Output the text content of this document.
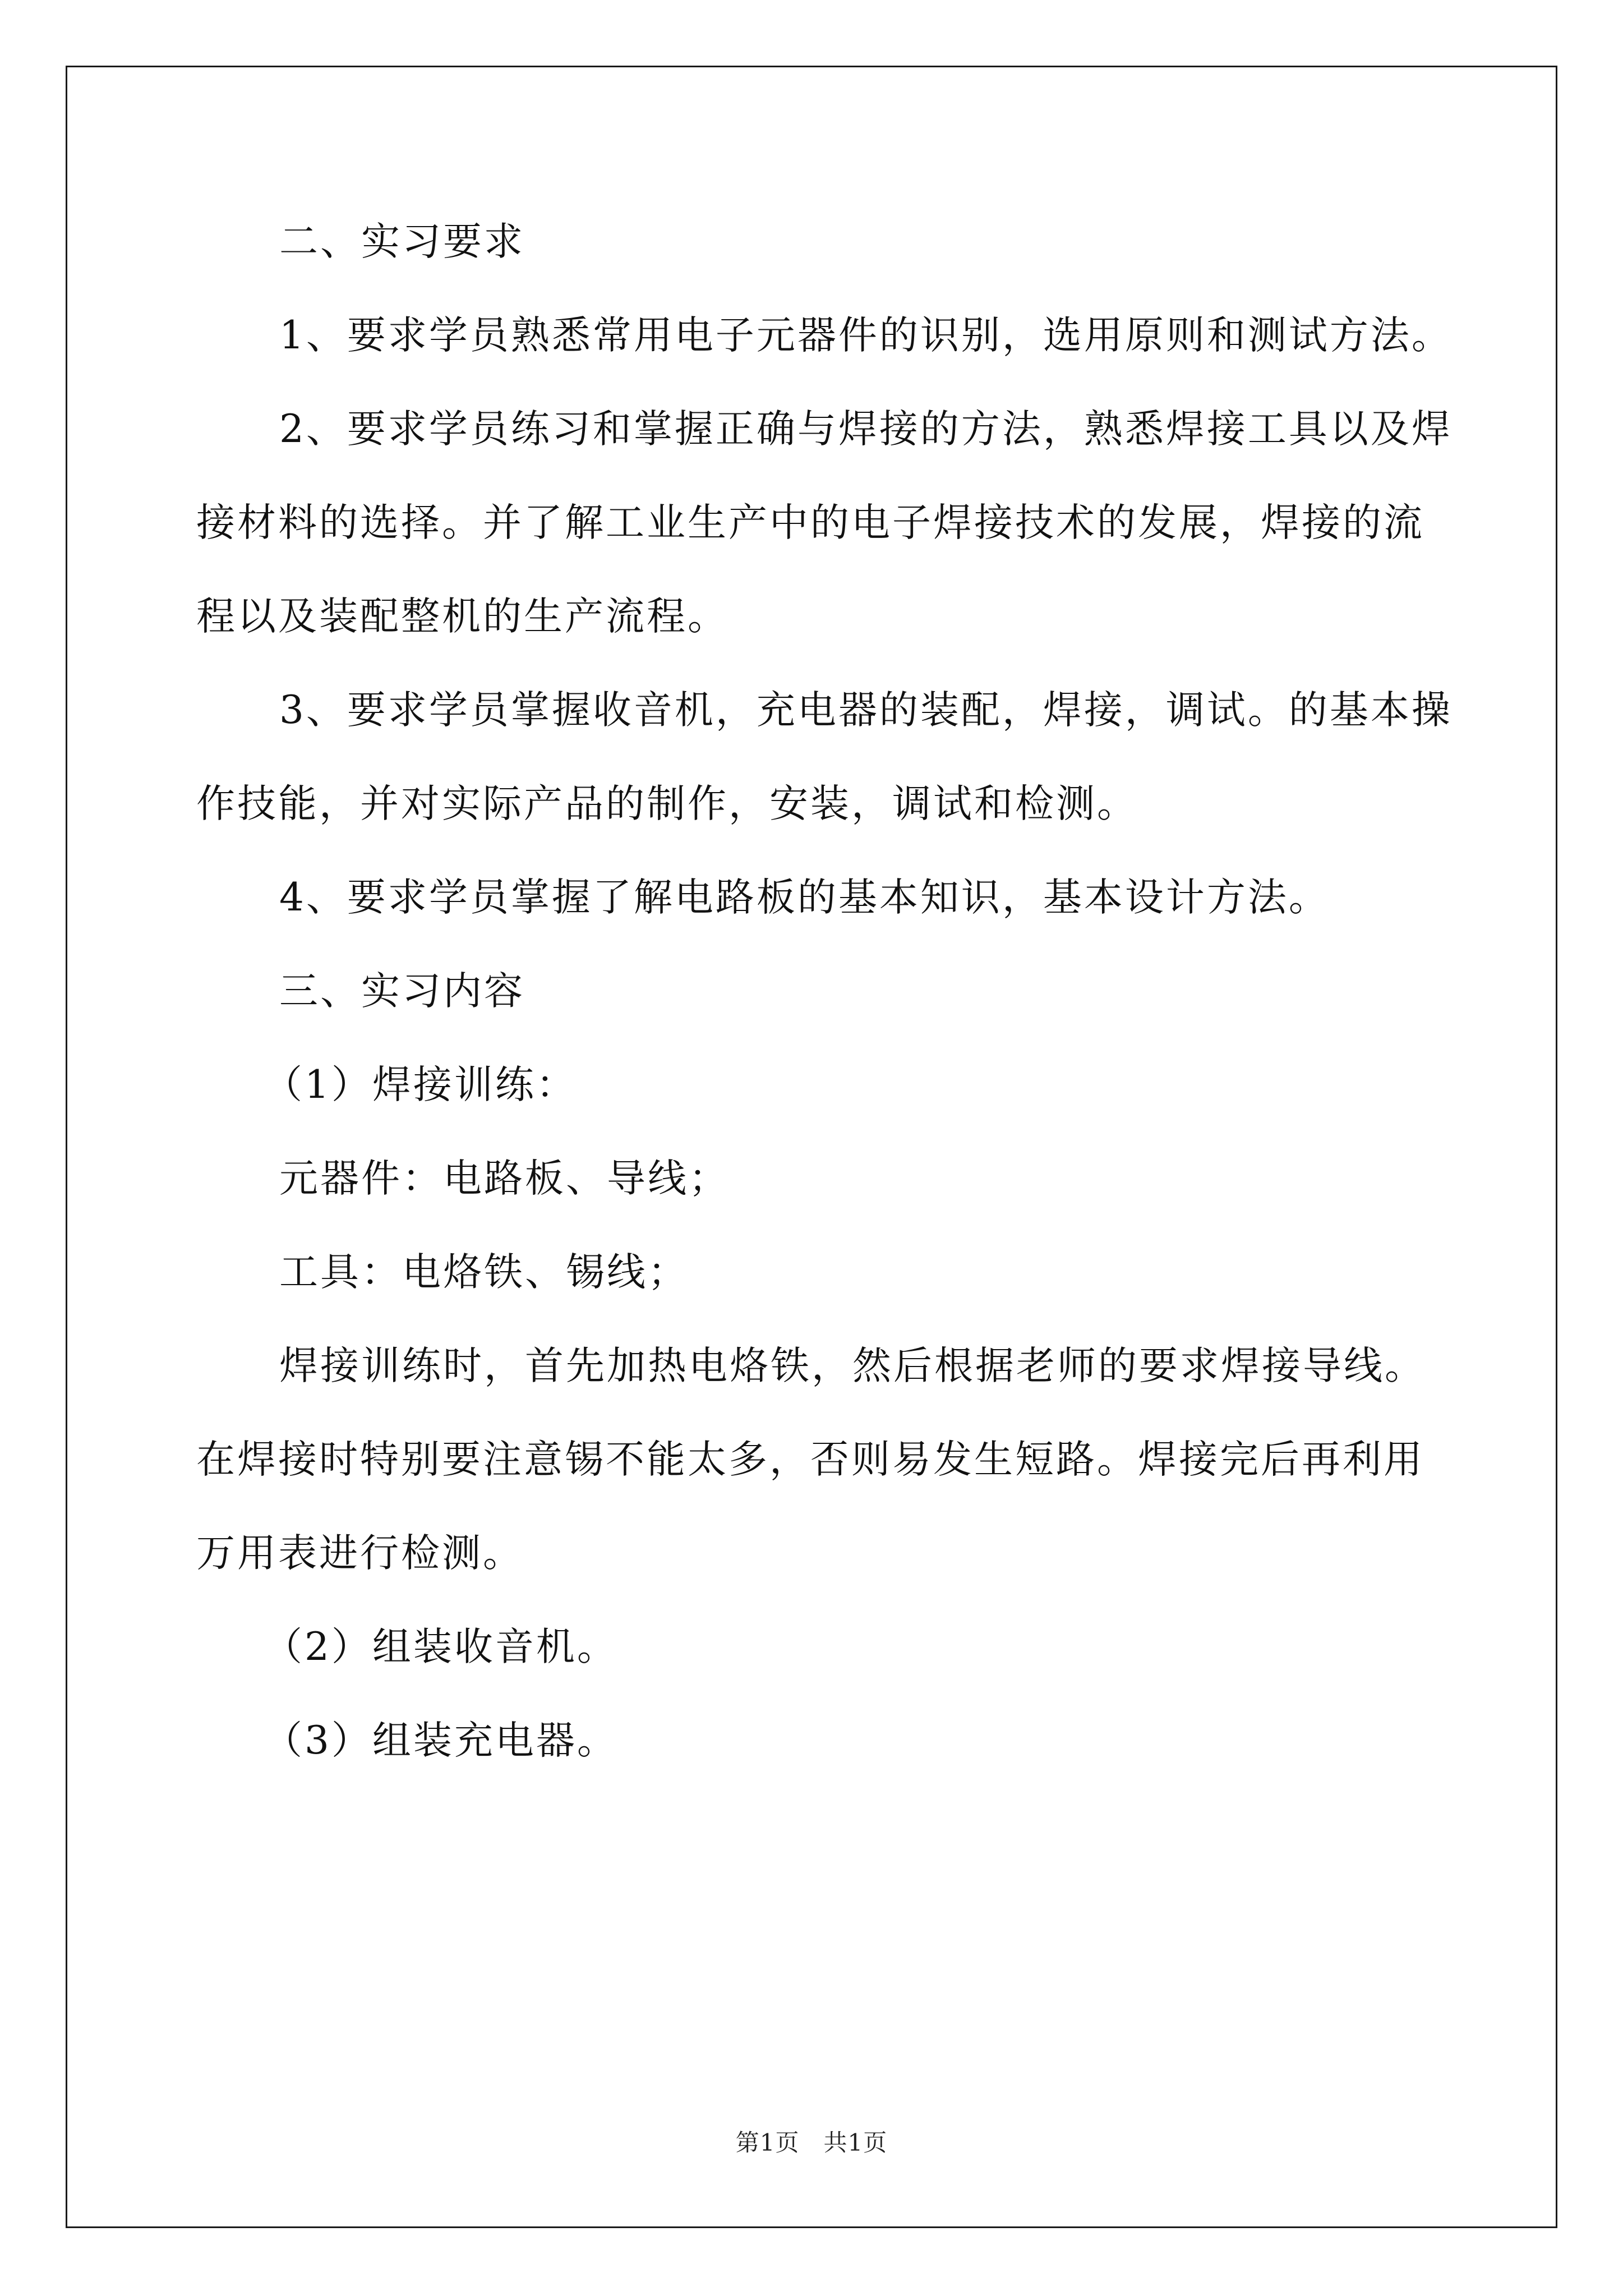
二、实习要求

1、要求学员熟悉常用电子元器件的识别，选用原则和测试方法。

2、要求学员练习和掌握正确与焊接的方法，熟悉焊接工具以及焊

接材料的选择。并了解工业生产中的电子焊接技术的发展，焊接的流

程以及装配整机的生产流程。

3、要求学员掌握收音机，充电器的装配，焊接，调试。的基本操

作技能，并对实际产品的制作，安装，调试和检测。

4、要求学员掌握了解电路板的基本知识，基本设计方法。

三、实习内容

（1）焊接训练：

元器件：电路板、导线；

工具：电烙铁、锡线；

焊接训练时，首先加热电烙铁，然后根据老师的要求焊接导线。

在焊接时特别要注意锡不能太多，否则易发生短路。焊接完后再利用

万用表进行检测。

（2）组装收音机。

（3）组装充电器。

第1页　共1页
